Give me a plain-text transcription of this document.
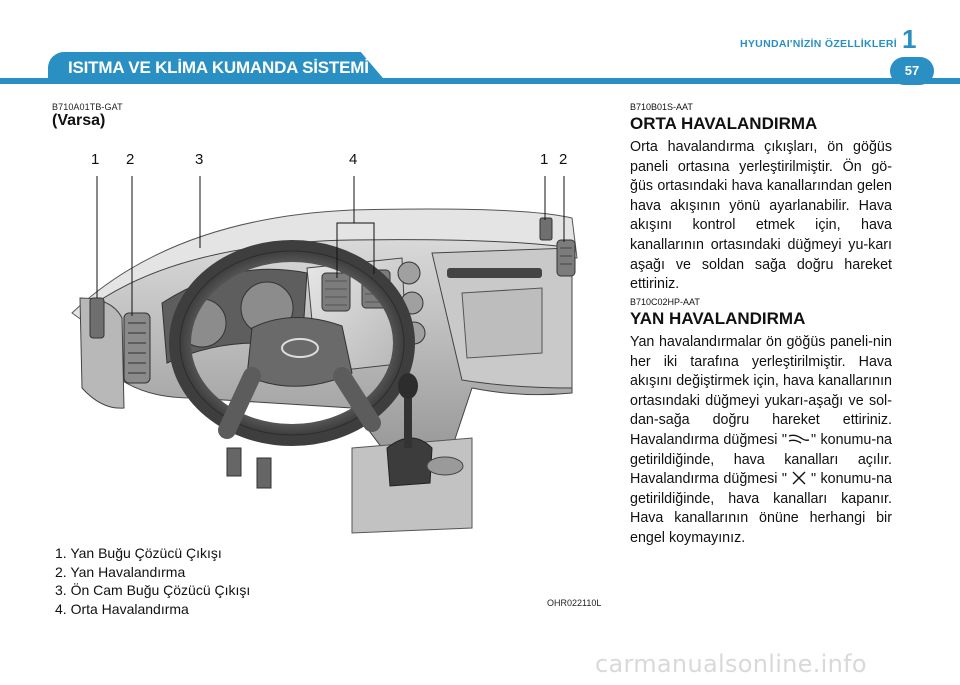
ISITMA VE KLİMA KUMANDA SİSTEMİ
HYUNDAI'NİZİN ÖZELLİKLERİ 1
57
B710A01TB-GAT
(Varsa)
1 2	3	4	1 2
1. Yan Buğu Çözücü Çıkışı
2. Yan Havalandırma
3. Ön Cam Buğu Çözücü Çıkışı
4. Orta Havalandırma	OHR022110L
B710B01S-AAT
ORTA HAVALANDIRMA
Orta havalandırma çıkışları, ön göğüs paneli ortasına yerleştirilmiştir. Ön gö-ğüs ortasındaki hava kanallarından gelen hava akışının yönü ayarlanabilir. Hava akışını kontrol etmek için, hava kanallarının ortasındaki düğmeyi yu-karı aşağı ve soldan sağa doğru hareket ettiriniz.
B710C02HP-AAT
YAN HAVALANDIRMA
Yan havalandırmalar ön göğüs paneli-nin her iki tarafına yerleştirilmiştir. Hava akışını değiştirmek için, hava kanallarının ortasındaki düğmeyi yukarı-aşağı ve sol-dan-sağa doğru hareket ettiriniz. Havalandırma düğmesi " " konumu-na getirildiğinde, hava kanalları açılır. Havalandırma düğmesi " " konumu-na getirildiğinde, hava kanalları kapanır. Hava kanallarının önüne herhangi bir engel koymayınız.
carmanualsonline.info
